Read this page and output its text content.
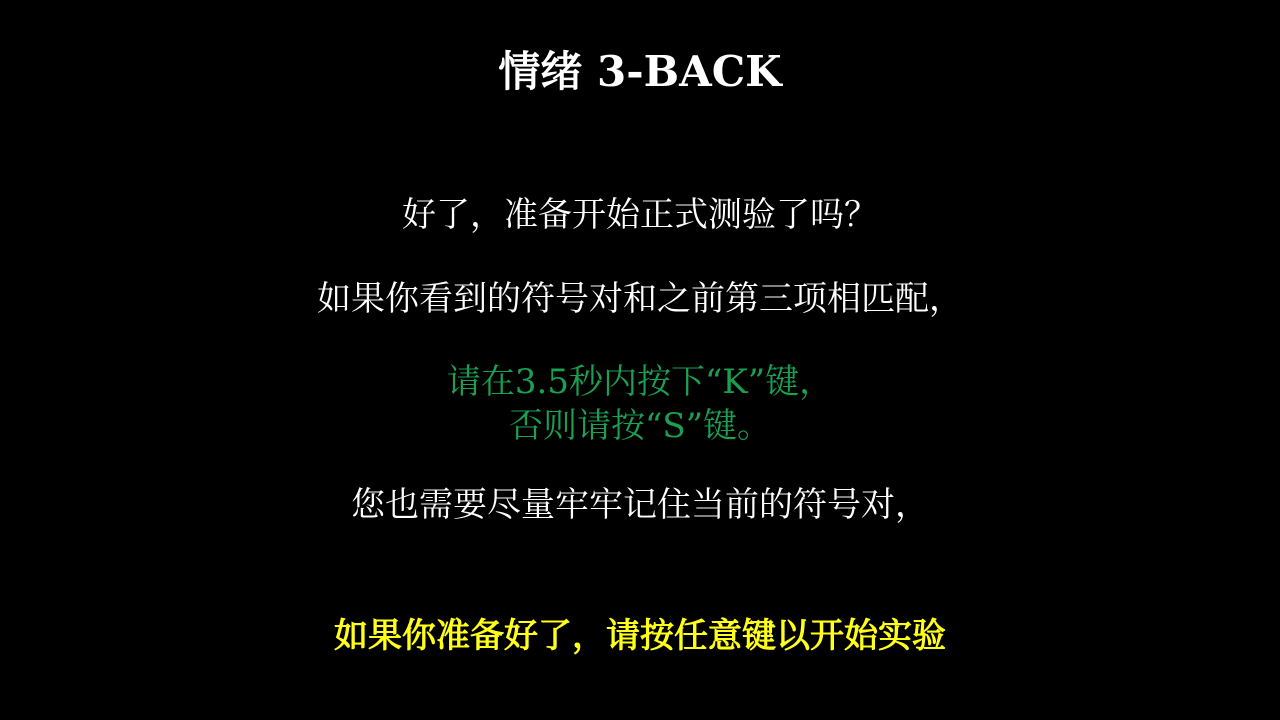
情绪 3-BACK
好了，准备开始正式测验了吗？
如果你看到的符号对和之前第三项相匹配，
请在3.5秒内按下“K”键，
否则请按“S”键。
您也需要尽量牢牢记住当前的符号对，
如果你准备好了，请按任意键以开始实验
